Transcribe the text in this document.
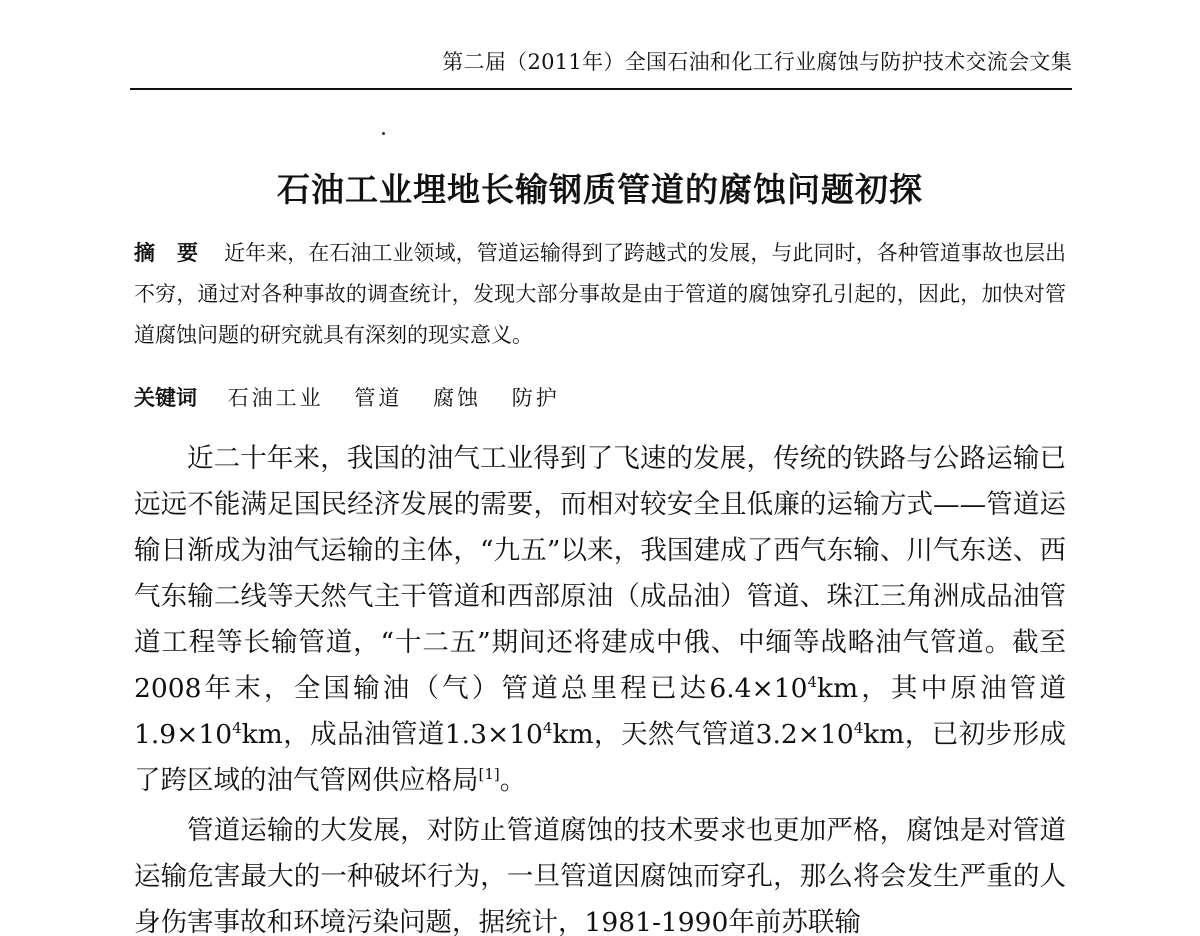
第二届（2011年）全国石油和化工行业腐蚀与防护技术交流会文集
石油工业埋地长输钢质管道的腐蚀问题初探
摘要 近年来，在石油工业领域，管道运输得到了跨越式的发展，与此同时，各种管道事故也层出不穷，通过对各种事故的调查统计，发现大部分事故是由于管道的腐蚀穿孔引起的，因此，加快对管道腐蚀问题的研究就具有深刻的现实意义。
关键词 石油工业 管道 腐蚀 防护
近二十年来，我国的油气工业得到了飞速的发展，传统的铁路与公路运输已远远不能满足国民经济发展的需要，而相对较安全且低廉的运输方式——管道运输日渐成为油气运输的主体，“九五”以来，我国建成了西气东输、川气东送、西气东输二线等天然气主干管道和西部原油（成品油）管道、珠江三角洲成品油管道工程等长输管道，“十二五”期间还将建成中俄、中缅等战略油气管道。截至2008年末，全国输油（气）管道总里程已达$6.4\times 10^4km$，其中原油管道$1.9\times 10^4km$，成品油管道$1.3\times 10^4km$，天然气管道$3.2\times 10^4km$，已初步形成了跨区域的油气管网供应格局[1]。
管道运输的大发展，对防止管道腐蚀的技术要求也更加严格，腐蚀是对管道运输危害最大的一种破坏行为，一旦管道因腐蚀而穿孔，那么将会发生严重的人身伤害事故和环境污染问题，据统计，1981-1990年前苏联输
